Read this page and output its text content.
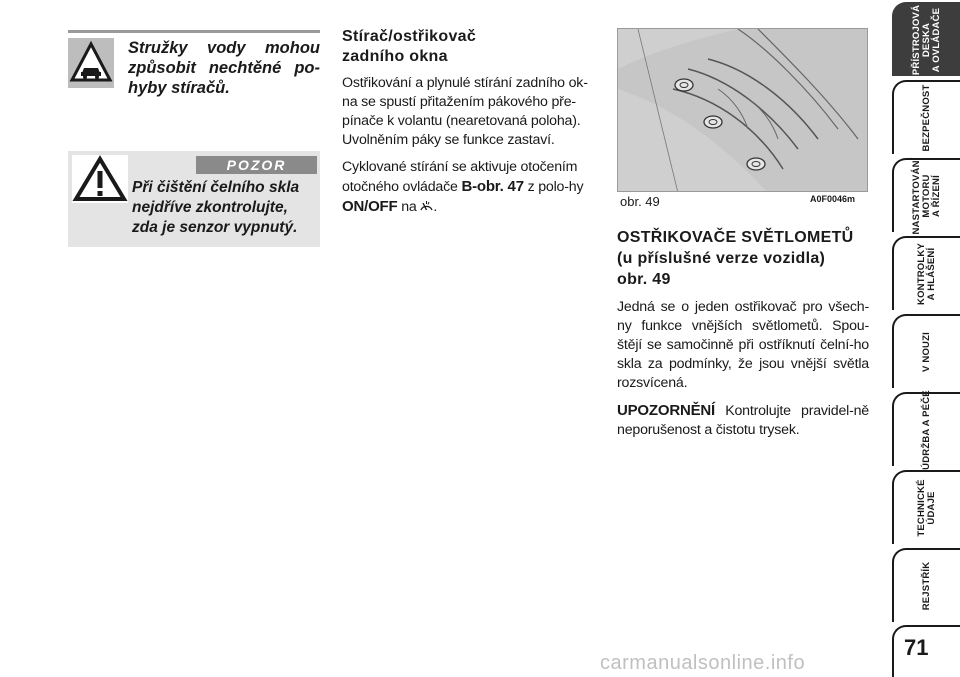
Stružky vody mohou způsobit nechtěné po-hyby stíračů.
POZOR
Při čištění čelního skla nejdříve zkontrolujte, zda je senzor vypnutý.
Stírač/ostřikovač
zadního okna

Ostřikování a plynulé stírání zadního ok-na se spustí přitažením pákového pře-pínače k volantu (nearetovaná poloha). Uvolněním páky se funkce zastaví.

Cyklované stírání se aktivuje otočením otočného ovládače B-obr. 47 z polo-hy ON/OFF na .	obr. 49	A0F0046m
OSTŘIKOVAČE SVĚTLOMETŮ
(u příslušné verze vozidla)
obr. 49

Jedná se o jeden ostřikovač pro všech-ny funkce vnějších světlometů. Spou-štějí se samočinně při ostříknutí čelní-ho skla za podmínky, že jsou vnější světla rozsvícená.

UPOZORNĚNÍ Kontrolujte pravidel-ně neporušenost a čistotu trysek.

PŘÍSTROJOVÁ
DESKA
A OVLÁDAČE
BEZPEČNOST
NASTARTOVÁNÍ
MOTORU
A ŘÍZENÍ
KONTROLKY
A HLÁŠENÍ
V NOUZI
ÚDRŽBA A PÉČE
TECHNICKÉ
ÚDAJE
REJSTŘÍK
71
carmanualsonline.info
